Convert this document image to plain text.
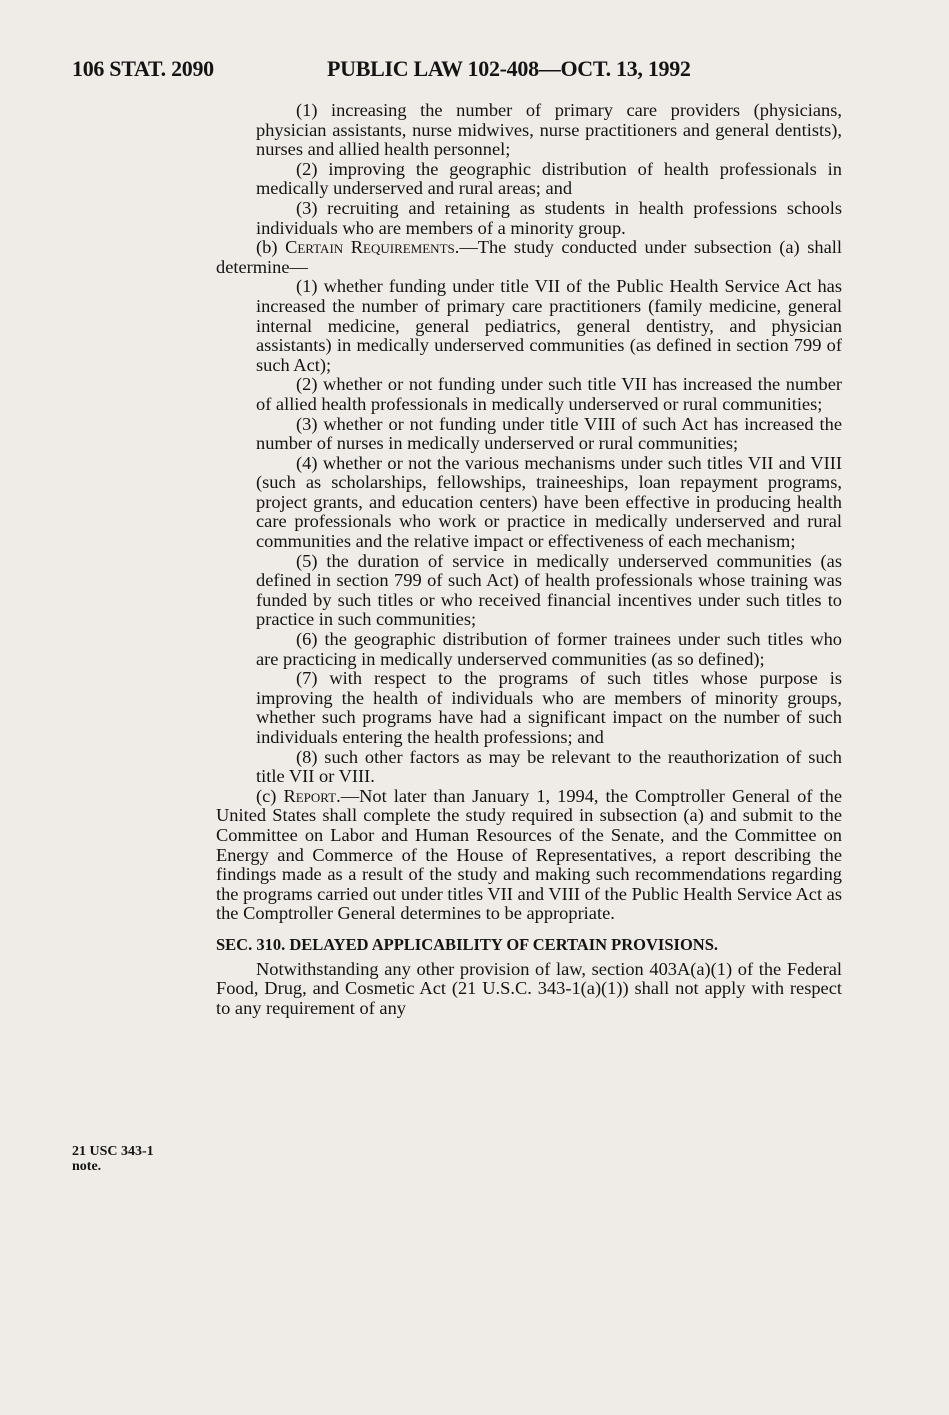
106 STAT. 2090	PUBLIC LAW 102-408—OCT. 13, 1992

(1) increasing the number of primary care providers (physicians, physician assistants, nurse midwives, nurse practitioners and general dentists), nurses and allied health personnel;

(2) improving the geographic distribution of health professionals in medically underserved and rural areas; and

(3) recruiting and retaining as students in health professions schools individuals who are members of a minority group.

(b) Certain Requirements.—The study conducted under subsection (a) shall determine—

(1) whether funding under title VII of the Public Health Service Act has increased the number of primary care practitioners (family medicine, general internal medicine, general pediatrics, general dentistry, and physician assistants) in medically underserved communities (as defined in section 799 of such Act);

(2) whether or not funding under such title VII has increased the number of allied health professionals in medically underserved or rural communities;

(3) whether or not funding under title VIII of such Act has increased the number of nurses in medically underserved or rural communities;

(4) whether or not the various mechanisms under such titles VII and VIII (such as scholarships, fellowships, traineeships, loan repayment programs, project grants, and education centers) have been effective in producing health care professionals who work or practice in medically underserved and rural communities and the relative impact or effectiveness of each mechanism;

(5) the duration of service in medically underserved communities (as defined in section 799 of such Act) of health professionals whose training was funded by such titles or who received financial incentives under such titles to practice in such communities;

(6) the geographic distribution of former trainees under such titles who are practicing in medically underserved communities (as so defined);

(7) with respect to the programs of such titles whose purpose is improving the health of individuals who are members of minority groups, whether such programs have had a significant impact on the number of such individuals entering the health professions; and

(8) such other factors as may be relevant to the reauthorization of such title VII or VIII.

(c) Report.—Not later than January 1, 1994, the Comptroller General of the United States shall complete the study required in subsection (a) and submit to the Committee on Labor and Human Resources of the Senate, and the Committee on Energy and Commerce of the House of Representatives, a report describing the findings made as a result of the study and making such recommendations regarding the programs carried out under titles VII and VIII of the Public Health Service Act as the Comptroller General determines to be appropriate.

SEC. 310. DELAYED APPLICABILITY OF CERTAIN PROVISIONS.

Notwithstanding any other provision of law, section 403A(a)(1) of the Federal Food, Drug, and Cosmetic Act (21 U.S.C. 343-1(a)(1)) shall not apply with respect to any requirement of any

21 USC 343-1
note.
